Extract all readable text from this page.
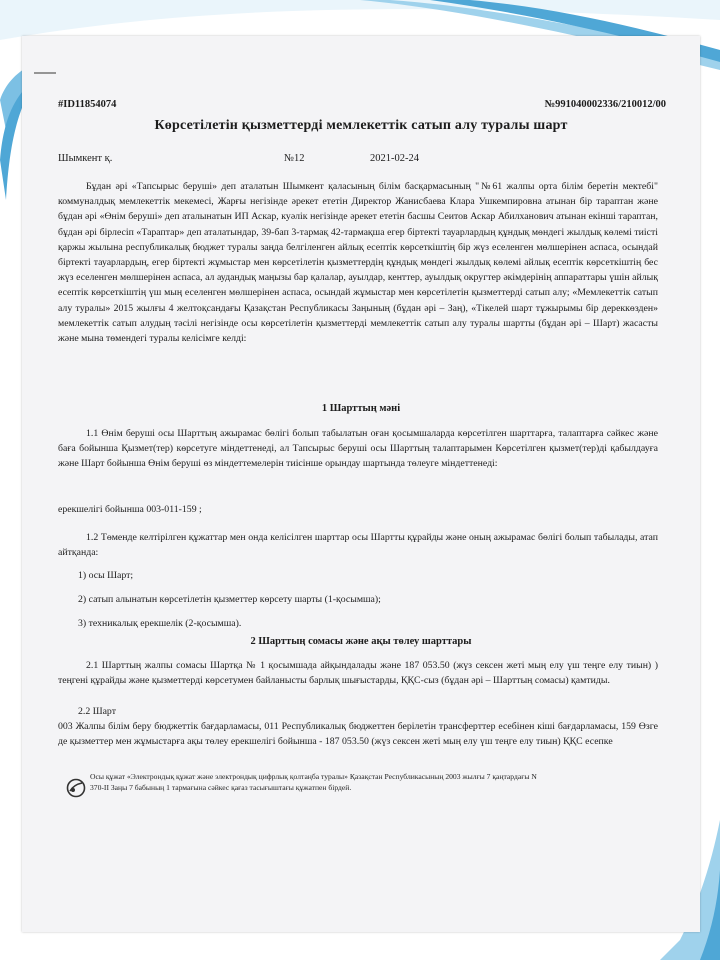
#ID11854074	№991040002336/210012/00
Көрсетілетін қызметтерді мемлекеттік сатып алу туралы шарт
Шымкент қ.	№12	2021-02-24
Бұдан әрі «Тапсырыс беруші» деп аталатын Шымкент қаласының білім басқармасының "№61 жалпы орта білім беретін мектебі" коммуналдық мемлекеттік мекемесі, Жарғы негізінде әрекет ететін Директор Жанисбаева Клара Ушкемпировна атынан бір тараптан және бұдан әрі «Өнім беруші» деп аталынатын ИП Аскар, куәлік негізінде әрекет ететін басшы Сеитов Аскар Абилханович атынан екінші тараптан, бұдан әрі бірлесіп «Тараптар» деп аталатындар, 39-бап 3-тармақ 42-тармақша егер біртекті тауарлардың құндық мөндегі жылдық көлемі тиісті қаржы жылына республикалық бюджет туралы заңда белгіленген айлық есептік көрсеткіштің бір жүз еселенген мөлшерінен аспаса, осындай біртекті тауарлардың, егер біртекті жұмыстар мен көрсетілетін қызметтердің құндық мөндегі жылдық көлемі айлық есептік көрсеткіштің бес жүз еселенген мөлшерінен аспаса, ал аудандық маңызы бар қалалар, ауылдар, кенттер, ауылдық округтер әкімдерінің аппараттары үшін айлық есептік көрсеткіштің үш мың еселенген мөлшерінен аспаса, осындай жұмыстар мен көрсетілетін қызметтерді сатып алу; «Мемлекеттік сатып алу туралы» 2015 жылғы 4 желтоқсандағы Қазақстан Республикасы Заңының (бұдан әрі – Заң), «Тікелей шарт тұжырымы бір дереккөзден» мемлекеттік сатып алудың тәсілі негізінде осы көрсетілетін қызметтерді мемлекеттік сатып алу туралы шартты (бұдан әрі – Шарт) жасасты және мына төмендегі туралы келісімге келді:
1 Шарттың мәні
1.1 Өнім беруші осы Шарттың ажырамас бөлігі болып табылатын оған қосымшаларда көрсетілген шарттарға, талаптарға сәйкес және баға бойынша Қызмет(тер) көрсетуге міндеттенеді, ал Тапсырыс беруші осы Шарттың талаптарымен Көрсетілген қызмет(тер)ді қабылдауға және Шарт бойынша Өнім беруші өз міндеттемелерін тиісінше орындау шартында төлеуге міндеттенеді:
ерекшелігі бойынша 003-011-159 ;
1.2 Төменде келтірілген құжаттар мен онда келісілген шарттар осы Шартты құрайды және оның ажырамас бөлігі болып табылады, атап айтқанда:
1) осы Шарт;
2) сатып алынатын көрсетілетін қызметтер көрсету шарты (1-қосымша);
3) техникалық ерекшелік (2-қосымша).
2 Шарттың сомасы және ақы төлеу шарттары
2.1 Шарттың жалпы сомасы Шартқа № 1 қосымшада айқындалады және 187 053.50 (жүз сексен жеті мың елу үш теңге елу тиын) ) теңгені құрайды және қызметтерді көрсетумен байланысты барлық шығыстарды, ҚҚС-сыз (бұдан әрі – Шарттың сомасы) қамтиды.
2.2 Шарт
003 Жалпы білім беру бюджеттік бағдарламасы, 011 Республикалық бюджеттен берілетін трансферттер есебінен кіші бағдарламасы, 159 Өзге де қызметтер мен жұмыстарға ақы төлеу ерекшелігі бойынша - 187 053.50 (жүз сексен жеті мың елу үш теңге елу тиын) ҚҚС есепке
Осы құжат «Электрондық құжат және электрондық цифрлық қолтаңба туралы» Қазақстан Республикасының 2003 жылғы 7 қаңтардағы N 370-II Заңы 7 бабының 1 тармағына сәйкес қағаз тасығыштағы құжатпен бірдей.
